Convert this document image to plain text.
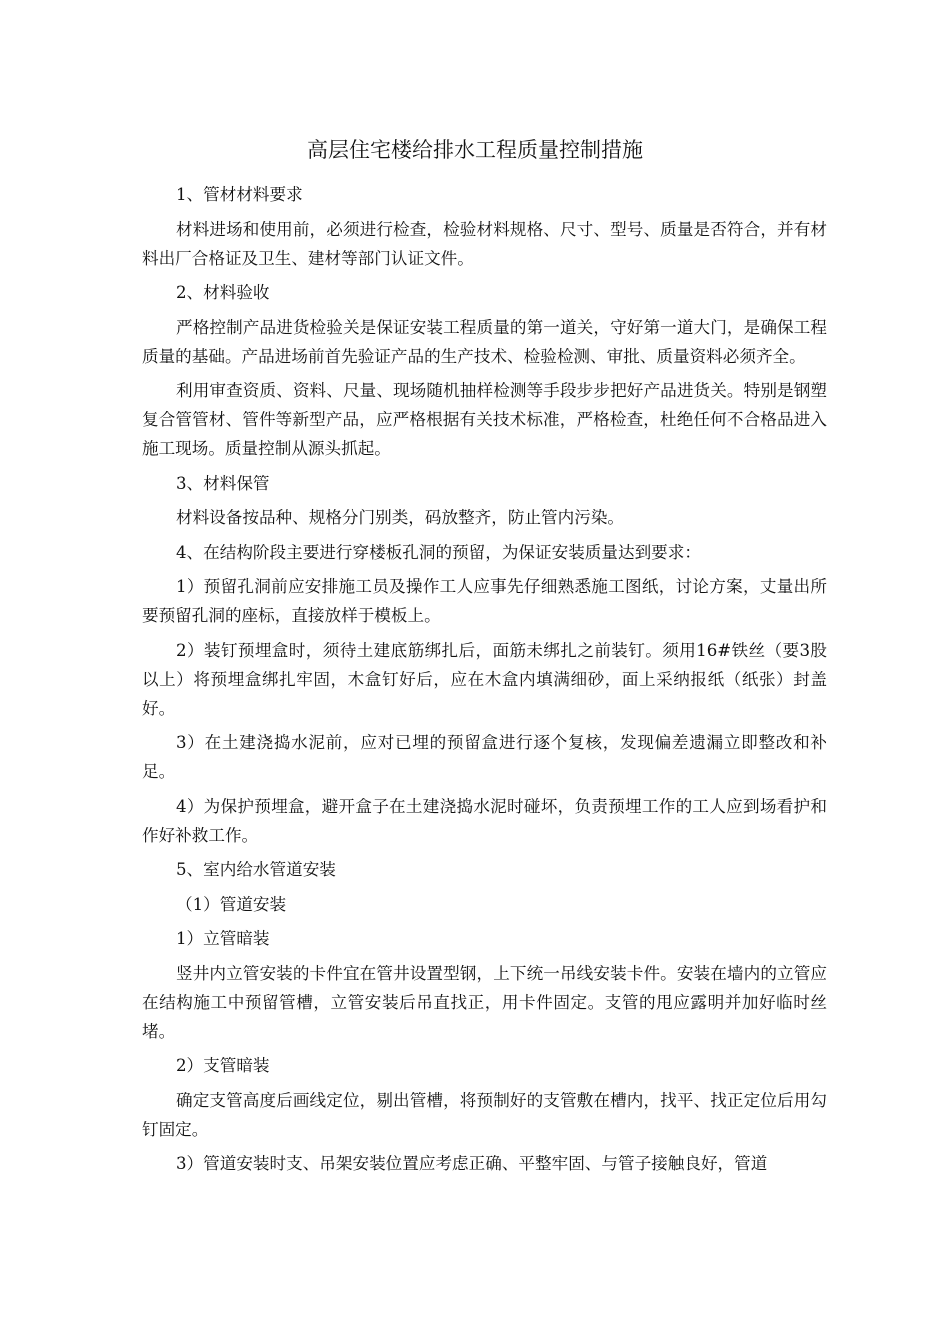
高层住宅楼给排水工程质量控制措施

1、管材材料要求

材料进场和使用前，必须进行检查，检验材料规格、尺寸、型号、质量是否符合，并有材料出厂合格证及卫生、建材等部门认证文件。

2、材料验收

严格控制产品进货检验关是保证安装工程质量的第一道关，守好第一道大门，是确保工程质量的基础。产品进场前首先验证产品的生产技术、检验检测、审批、质量资料必须齐全。

利用审查资质、资料、尺量、现场随机抽样检测等手段步步把好产品进货关。特别是钢塑复合管管材、管件等新型产品，应严格根据有关技术标准，严格检查，杜绝任何不合格品进入施工现场。质量控制从源头抓起。

3、材料保管

材料设备按品种、规格分门别类，码放整齐，防止管内污染。

4、在结构阶段主要进行穿楼板孔洞的预留，为保证安装质量达到要求：

1）预留孔洞前应安排施工员及操作工人应事先仔细熟悉施工图纸，讨论方案，丈量出所要预留孔洞的座标，直接放样于模板上。

2）装钉预埋盒时，须待土建底筋绑扎后，面筋未绑扎之前装钉。须用16#铁丝（要3股以上）将预埋盒绑扎牢固，木盒钉好后，应在木盒内填满细砂，面上采纳报纸（纸张）封盖好。

3）在土建浇捣水泥前，应对已埋的预留盒进行逐个复核，发现偏差遗漏立即整改和补足。

4）为保护预埋盒，避开盒子在土建浇捣水泥时碰坏，负责预埋工作的工人应到场看护和作好补救工作。

5、室内给水管道安装

（1）管道安装

1）立管暗装

竖井内立管安装的卡件宜在管井设置型钢，上下统一吊线安装卡件。安装在墙内的立管应在结构施工中预留管槽，立管安装后吊直找正，用卡件固定。支管的甩应露明并加好临时丝堵。

2）支管暗装

确定支管高度后画线定位，剔出管槽，将预制好的支管敷在槽内，找平、找正定位后用勾钉固定。

3）管道安装时支、吊架安装位置应考虑正确、平整牢固、与管子接触良好，管道
